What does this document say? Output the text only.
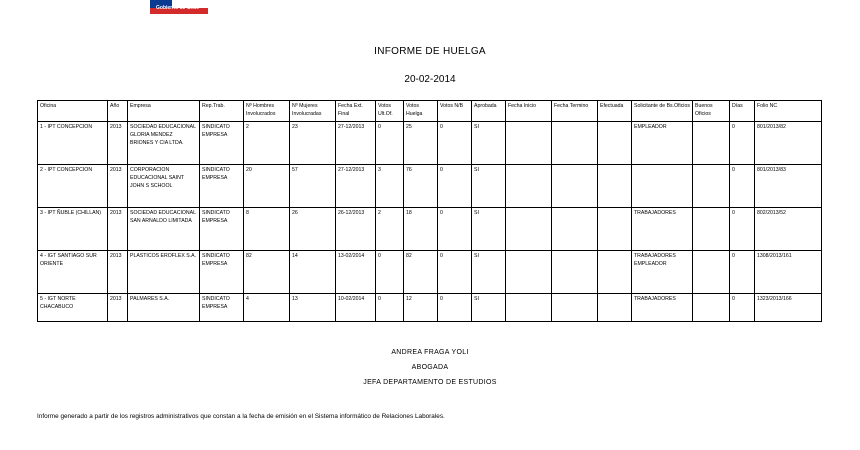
Gobierno de Chile
INFORME DE HUELGA
20-02-2014
Oficina	Año	Empresa	Rep.Trab.	Nº Hombres Involucrados	Nº Mujeres Involucradas	Fecha Ext. Final	Votos Ult.Of.	Votos Huelga	Votos N/B	Aprobada	Fecha Inicio	Fecha Termino	Efectuada	Solicitante de Bs.Oficios	Buenos Oficios	Días	Folio NC
1 - IPT CONCEPCION	2013	SOCIEDAD EDUCACIONAL GLORIA MENDEZ BRIONES Y CIA LTDA.	SINDICATO EMPRESA	2	23	27-12/2013	0	25	0	SI				EMPLEADOR		0	801/2013/82
2 - IPT CONCEPCION	2013	CORPORACION EDUCACIONAL SAINT JOHN S SCHOOL	SINDICATO EMPRESA	20	57	27-12/2013	3	76	0	SI						0	801/2013/83
3 - IPT ÑUBLE (CHILLAN)	2013	SOCIEDAD EDUCACIONAL SAN ARNALDO LIMITADA	SINDICATO EMPRESA	8	26	26-12/2013	2	18	0	SI				TRABAJADORES		0	802/2013/52
4 - IGT SANTIAGO SUR ORIENTE	2013	PLASTICOS EROFLEX S.A.	SINDICATO EMPRESA	82	14	13-02/2014	0	82	0	SI				TRABAJADORES EMPLEADOR		0	1308/2013/161
5 - IGT NORTE CHACABUCO	2013	PALMARES S.A.	SINDICATO EMPRESA	4	13	10-02/2014	0	12	0	SI				TRABAJADORES		0	1323/2013/166
ANDREA FRAGA YOLI
ABOGADA
JEFA DEPARTAMENTO DE ESTUDIOS
Informe generado a partir de los registros administrativos que constan a la fecha de emisión en el Sistema informático de Relaciones Laborales.
